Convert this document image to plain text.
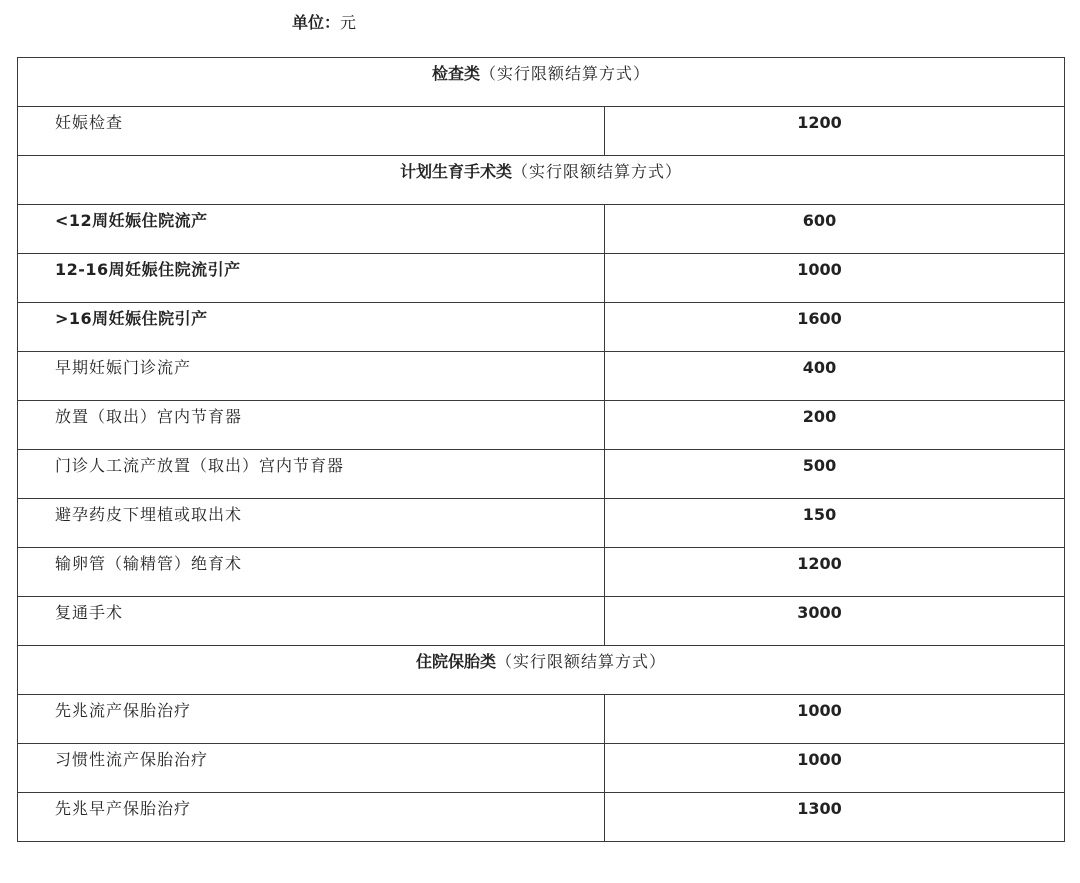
单位：元
检查类（实行限额结算方式）	

妊娠检查	1200

计划生育手术类（实行限额结算方式）	

<12周妊娠住院流产	600

12-16周妊娠住院流引产	1000

>16周妊娠住院引产	1600

早期妊娠门诊流产	400

放置（取出）宫内节育器	200

门诊人工流产放置（取出）宫内节育器	500

避孕药皮下埋植或取出术	150

输卵管（输精管）绝育术	1200

复通手术	3000

住院保胎类（实行限额结算方式）	

先兆流产保胎治疗	1000

习惯性流产保胎治疗	1000

先兆早产保胎治疗	1300
